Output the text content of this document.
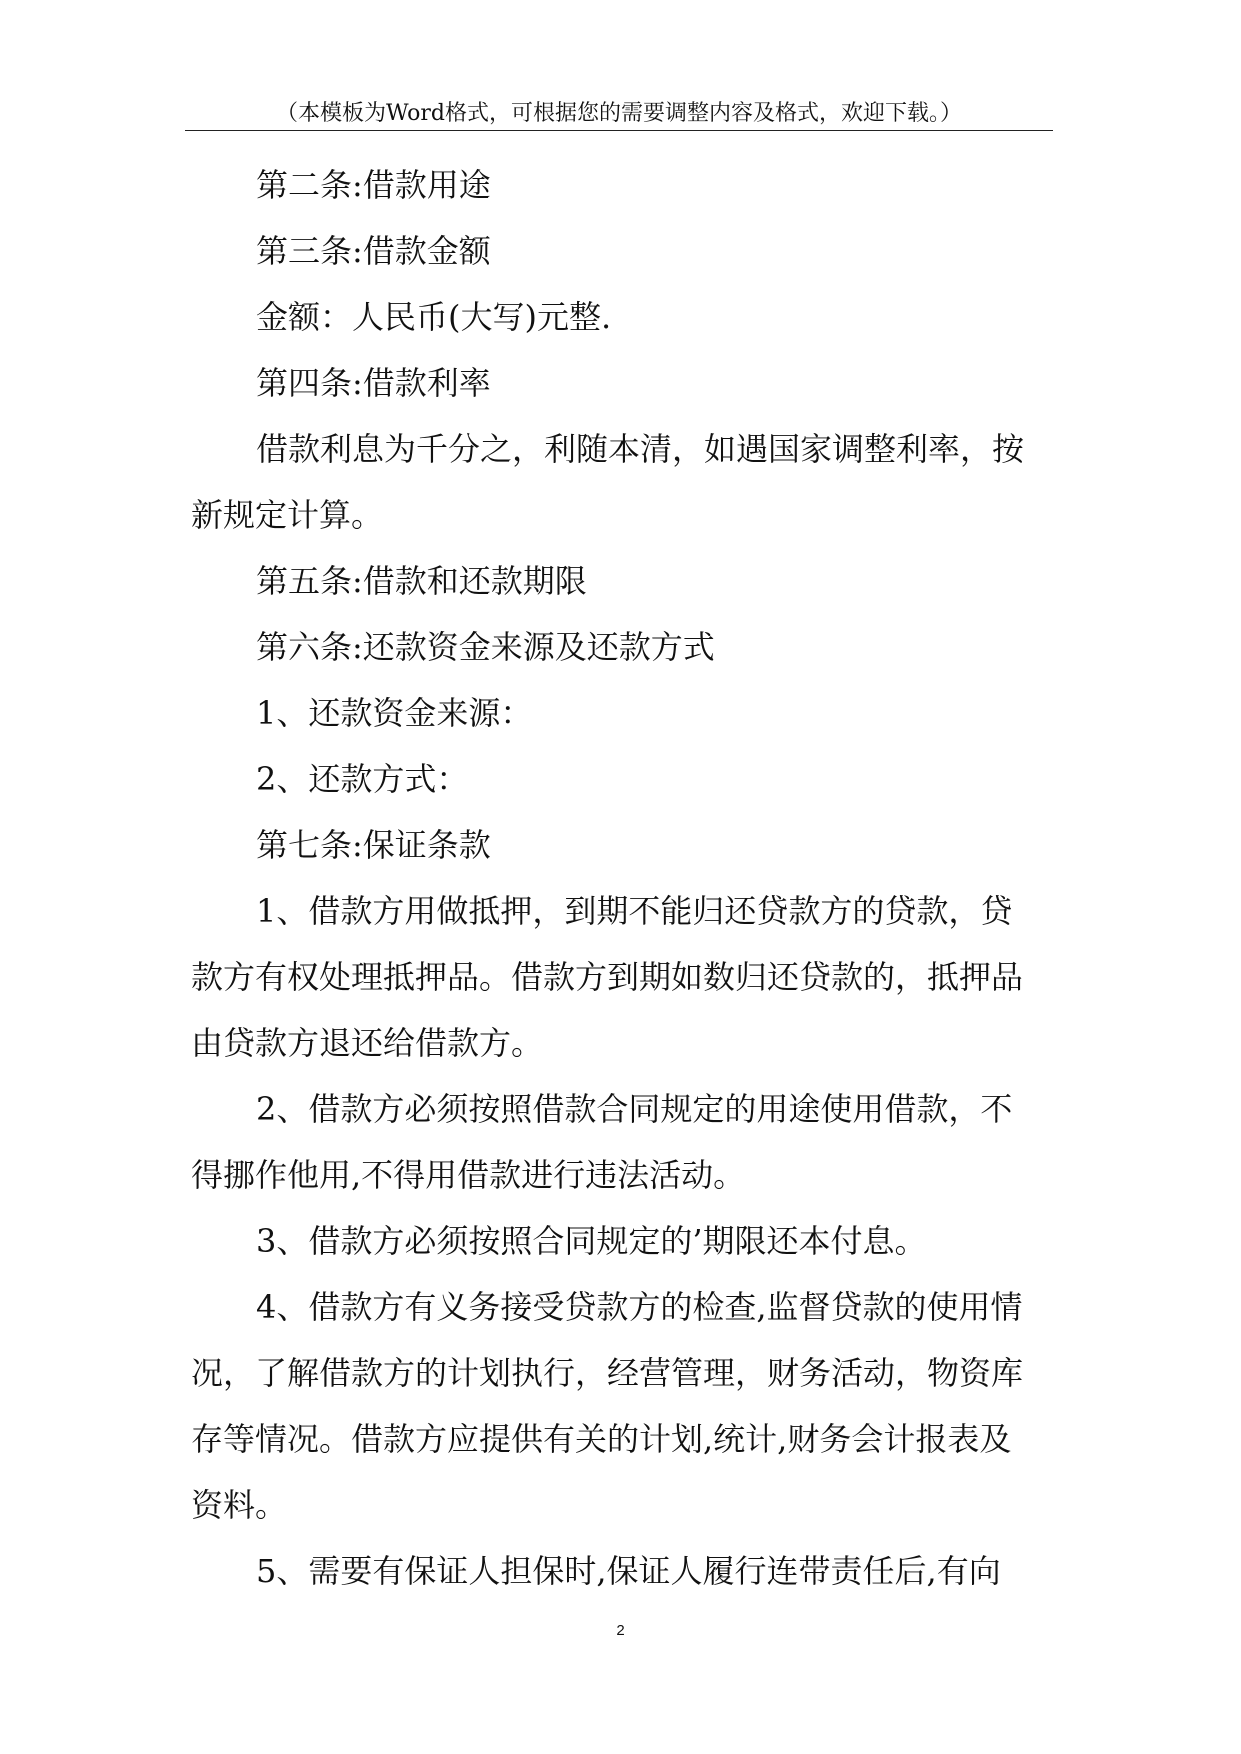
（本模板为Word格式，可根据您的需要调整内容及格式，欢迎下载。）

第二条:借款用途

第三条:借款金额

金额：人民币(大写)元整.

第四条:借款利率

借款利息为千分之，利随本清，如遇国家调整利率，按

新规定计算。

第五条:借款和还款期限

第六条:还款资金来源及还款方式

1、还款资金来源：

2、还款方式：

第七条:保证条款

1、借款方用做抵押，到期不能归还贷款方的贷款，贷

款方有权处理抵押品。借款方到期如数归还贷款的，抵押品

由贷款方退还给借款方。

2、借款方必须按照借款合同规定的用途使用借款，不

得挪作他用,不得用借款进行违法活动。

3、借款方必须按照合同规定的’期限还本付息。

4、借款方有义务接受贷款方的检查,监督贷款的使用情

况，了解借款方的计划执行，经营管理，财务活动，物资库

存等情况。借款方应提供有关的计划,统计,财务会计报表及

资料。

5、需要有保证人担保时,保证人履行连带责任后,有向

2
